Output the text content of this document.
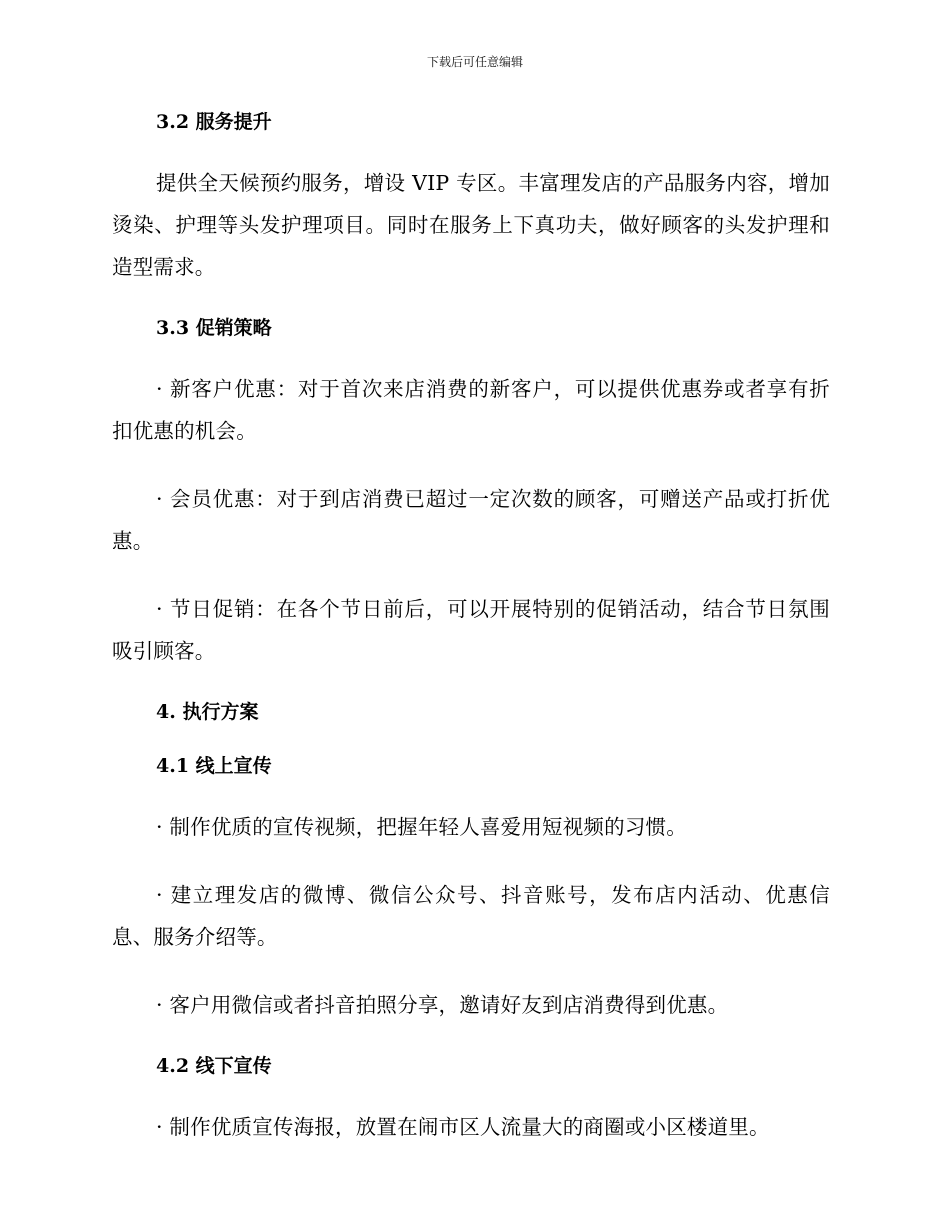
下载后可任意编辑
3.2 服务提升

提供全天候预约服务，增设 VIP 专区。丰富理发店的产品服务内容，增加烫染、护理等头发护理项目。同时在服务上下真功夫，做好顾客的头发护理和造型需求。

3.3 促销策略

· 新客户优惠：对于首次来店消费的新客户，可以提供优惠券或者享有折扣优惠的机会。

· 会员优惠：对于到店消费已超过一定次数的顾客，可赠送产品或打折优惠。

· 节日促销：在各个节日前后，可以开展特别的促销活动，结合节日氛围吸引顾客。

4. 执行方案
4.1 线上宣传

· 制作优质的宣传视频，把握年轻人喜爱用短视频的习惯。

· 建立理发店的微博、微信公众号、抖音账号，发布店内活动、优惠信息、服务介绍等。

· 客户用微信或者抖音拍照分享，邀请好友到店消费得到优惠。

4.2 线下宣传

· 制作优质宣传海报，放置在闹市区人流量大的商圈或小区楼道里。
